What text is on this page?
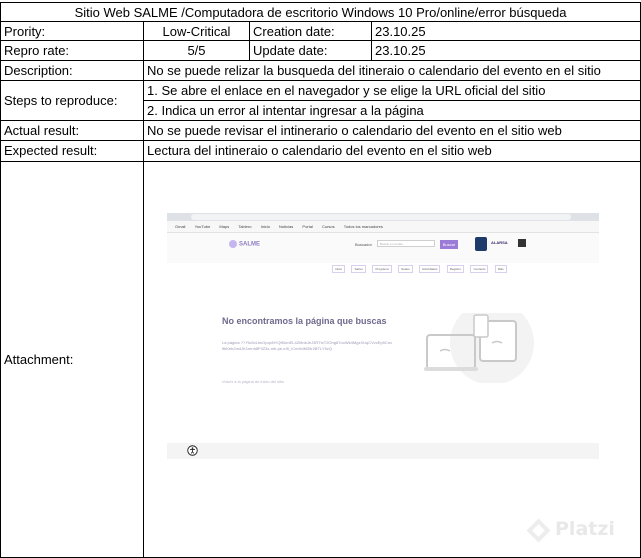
Sitio Web SALME /Computadora de escritorio Windows 10 Pro/online/error búsqueda
Prority:	Low-Critical	Creation date:	23.10.25
Repro rate:	5/5	Update date:	23.10.25
Description:	No se puede relizar la busqueda del itineraio o calendario del evento en el sitio
Steps to reproduce:
1. Se abre el enlace en el navegador y se elige la URL oficial del sitio
2. Indica un error al intentar ingresar a la página
Actual result:	No se puede revisar el intinerario o calendario del evento en el sitio web
Expected result:	Lectura del intineraio o calendario del evento en el sitio web
Attachment:
Gmail YouTube Maps Tablero Inicio Noticias Portal Cursos Todos los marcadores
SALME	Buscador	Buscar en el sitio	Buscar	ALARSA
Inicio	Salme	Programa	Sedes	Actividades	Registro	Contacto	Más
No encontramos la página que buscas
La página ?? Ru5xLhnOpqxNYQfKkmEL4ZMnbJeJ3RTtxT2Ohg87ooWk4MgzXUqCVvxEp9CnxlfhKeb2m4JK1mnIdfF9Z3x-mh-pe-eIh_ICmHdM35r2BTLY9zQ
Volver a la página de inicio del sitio
Platzi
